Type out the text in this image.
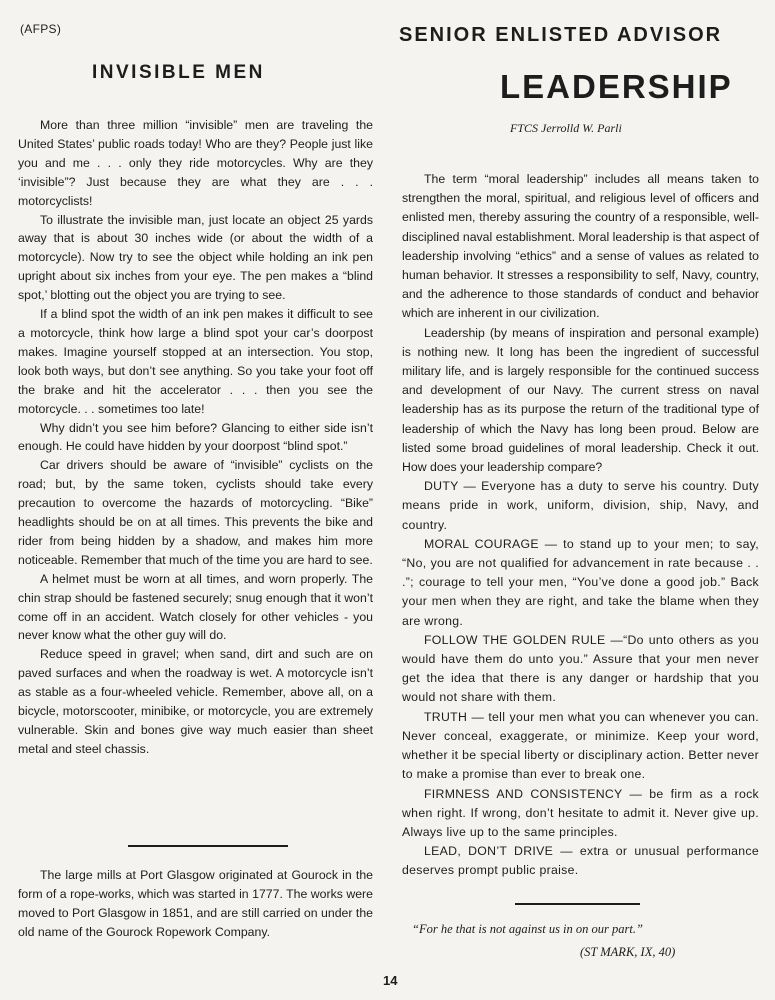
(AFPS)
INVISIBLE MEN

More than three million “invisible” men are traveling the United States’ public roads today! Who are they? People just like you and me . . . only they ride motorcycles. Why are they ‘invisible”? Just because they are what they are . . . motorcyclists!

To illustrate the invisible man, just locate an object 25 yards away that is about 30 inches wide (or about the width of a motorcycle). Now try to see the object while holding an ink pen upright about six inches from your eye. The pen makes a “blind spot,’ blotting out the object you are trying to see.

If a blind spot the width of an ink pen makes it difficult to see a motorcycle, think how large a blind spot your car’s doorpost makes. Imagine yourself stopped at an intersection. You stop, look both ways, but don’t see anything. So you take your foot off the brake and hit the accelerator . . . then you see the motorcycle. . . sometimes too late!

Why didn’t you see him before? Glancing to either side isn’t enough. He could have hidden by your doorpost “blind spot.”

Car drivers should be aware of “invisible” cyclists on the road; but, by the same token, cyclists should take every precaution to overcome the hazards of motorcycling. “Bike” headlights should be on at all times. This prevents the bike and rider from being hidden by a shadow, and makes him more noticeable. Remember that much of the time you are hard to see.

A helmet must be worn at all times, and worn properly. The chin strap should be fastened securely; snug enough that it won’t come off in an accident. Watch closely for other vehicles - you never know what the other guy will do.

Reduce speed in gravel; when sand, dirt and such are on paved surfaces and when the roadway is wet. A motorcycle isn’t as stable as a four-wheeled vehicle. Remember, above all, on a bicycle, motorscooter, minibike, or motorcycle, you are extremely vulnerable. Skin and bones give way much easier than sheet metal and steel chassis.

The large mills at Port Glasgow originated at Gourock in the form of a rope-works, which was started in 1777. The works were moved to Port Glasgow in 1851, and are still carried on under the old name of the Gourock Ropework Company.

SENIOR ENLISTED ADVISOR
LEADERSHIP
FTCS Jerrolld W. Parli

The term “moral leadership” includes all means taken to strengthen the moral, spiritual, and religious level of officers and enlisted men, thereby assuring the country of a responsible, well-disciplined naval establishment. Moral leadership is that aspect of leadership involving “ethics” and a sense of values as related to human behavior. It stresses a responsibility to self, Navy, country, and the adherence to those standards of conduct and behavior which are inherent in our civilization.

Leadership (by means of inspiration and personal example) is nothing new. It long has been the ingredient of successful military life, and is largely responsible for the continued success and development of our Navy. The current stress on naval leadership has as its purpose the return of the traditional type of leadership of which the Navy has long been proud. Below are listed some broad guidelines of moral leadership. Check it out. How does your leadership compare?

DUTY — Everyone has a duty to serve his country. Duty means pride in work, uniform, division, ship, Navy, and country.

MORAL COURAGE — to stand up to your men; to say, “No, you are not qualified for advancement in rate because . . .”; courage to tell your men, “You’ve done a good job.” Back your men when they are right, and take the blame when they are wrong.

FOLLOW THE GOLDEN RULE —“Do unto others as you would have them do unto you.” Assure that your men never get the idea that there is any danger or hardship that you would not share with them.

TRUTH — tell your men what you can whenever you can. Never conceal, exaggerate, or minimize. Keep your word, whether it be special liberty or disciplinary action. Better never to make a promise than ever to break one.

FIRMNESS AND CONSISTENCY — be firm as a rock when right. If wrong, don’t hesitate to admit it. Never give up. Always live up to the same principles.

LEAD, DON’T DRIVE — extra or unusual performance deserves prompt public praise.

“For he that is not against us in on our part.”
(ST MARK, IX, 40)
14
